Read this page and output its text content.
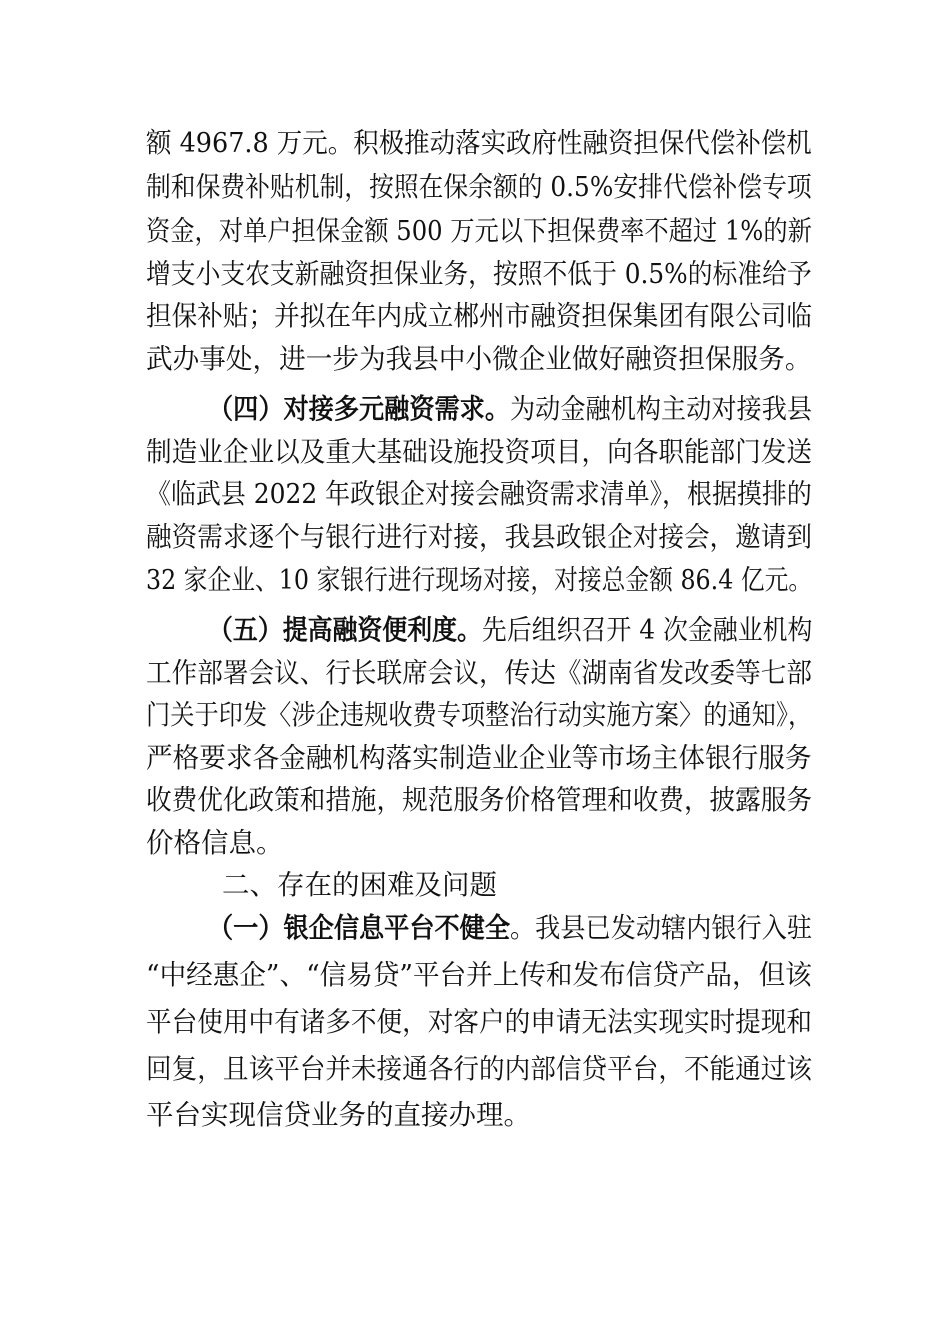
额 4967.8 万元。积极推动落实政府性融资担保代偿补偿机
制和保费补贴机制，按照在保余额的 0.5%安排代偿补偿专项
资金，对单户担保金额 500 万元以下担保费率不超过 1%的新
增支小支农支新融资担保业务，按照不低于 0.5%的标准给予
担保补贴；并拟在年内成立郴州市融资担保集团有限公司临
武办事处，进一步为我县中小微企业做好融资担保服务。
（四）对接多元融资需求。为动金融机构主动对接我县
制造业企业以及重大基础设施投资项目，向各职能部门发送
《临武县 2022 年政银企对接会融资需求清单》，根据摸排的
融资需求逐个与银行进行对接，我县政银企对接会，邀请到
32 家企业、10 家银行进行现场对接，对接总金额 86.4 亿元。
（五）提高融资便利度。先后组织召开 4 次金融业机构
工作部署会议、行长联席会议，传达《湖南省发改委等七部
门关于印发〈涉企违规收费专项整治行动实施方案〉的通知》，
严格要求各金融机构落实制造业企业等市场主体银行服务
收费优化政策和措施，规范服务价格管理和收费，披露服务
价格信息。
二、存在的困难及问题
（一）银企信息平台不健全。我县已发动辖内银行入驻
“中经惠企”、“信易贷”平台并上传和发布信贷产品，但该
平台使用中有诸多不便，对客户的申请无法实现实时提现和
回复，且该平台并未接通各行的内部信贷平台，不能通过该
平台实现信贷业务的直接办理。
